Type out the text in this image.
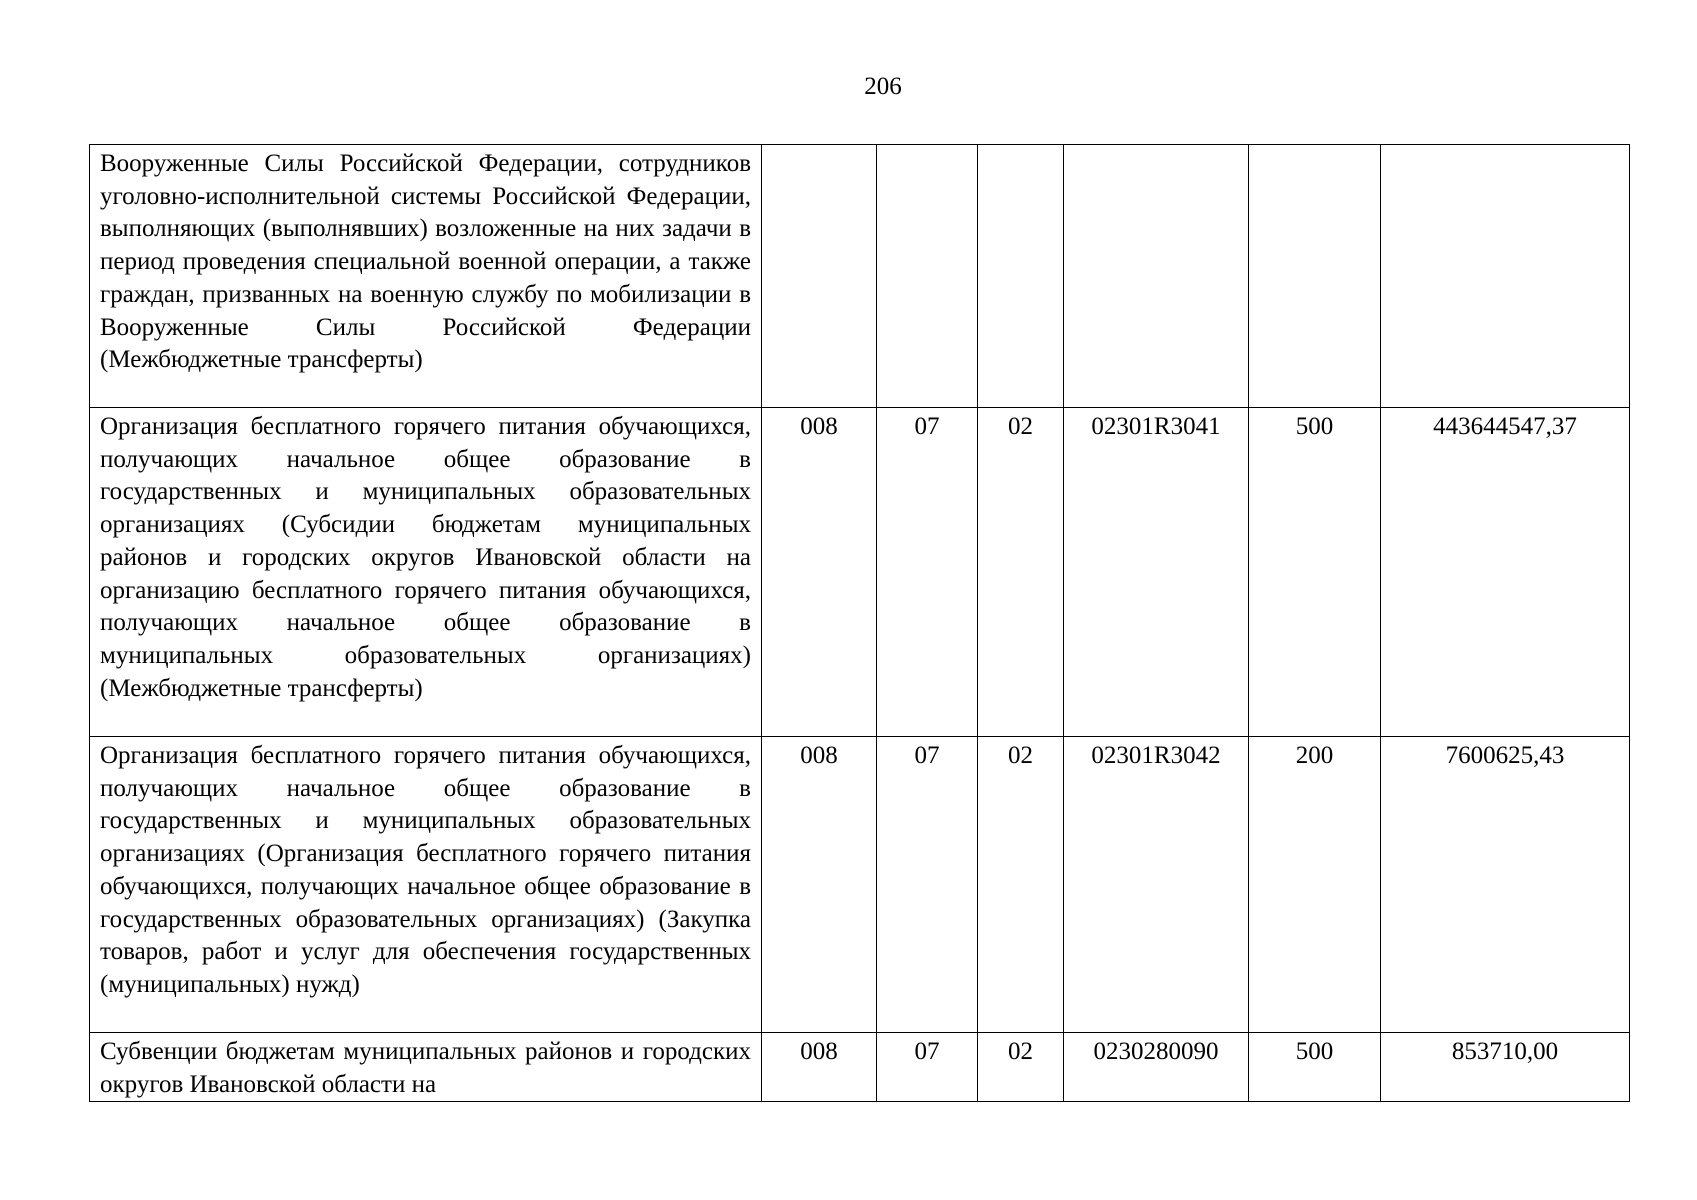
206
Вооруженные Силы Российской Федерации, сотрудников уголовно-исполнительной системы Российской Федерации, выполняющих (выполнявших) возложенные на них задачи в период проведения специальной военной операции, а также граждан, призванных на военную службу по мобилизации в Вооруженные Силы Российской Федерации (Межбюджетные трансферты)						
Организация бесплатного горячего питания обучающихся, получающих начальное общее образование в государственных и муниципальных образовательных организациях (Субсидии бюджетам муниципальных районов и городских округов Ивановской области на организацию бесплатного горячего питания обучающихся, получающих начальное общее образование в муниципальных образовательных организациях) (Межбюджетные трансферты)	008	07	02	02301R3041	500	443644547,37
Организация бесплатного горячего питания обучающихся, получающих начальное общее образование в государственных и муниципальных образовательных организациях (Организация бесплатного горячего питания обучающихся, получающих начальное общее образование в государственных образовательных организациях) (Закупка товаров, работ и услуг для обеспечения государственных (муниципальных) нужд)	008	07	02	02301R3042	200	7600625,43
Субвенции бюджетам муниципальных районов и городских округов Ивановской области на	008	07	02	0230280090	500	853710,00
